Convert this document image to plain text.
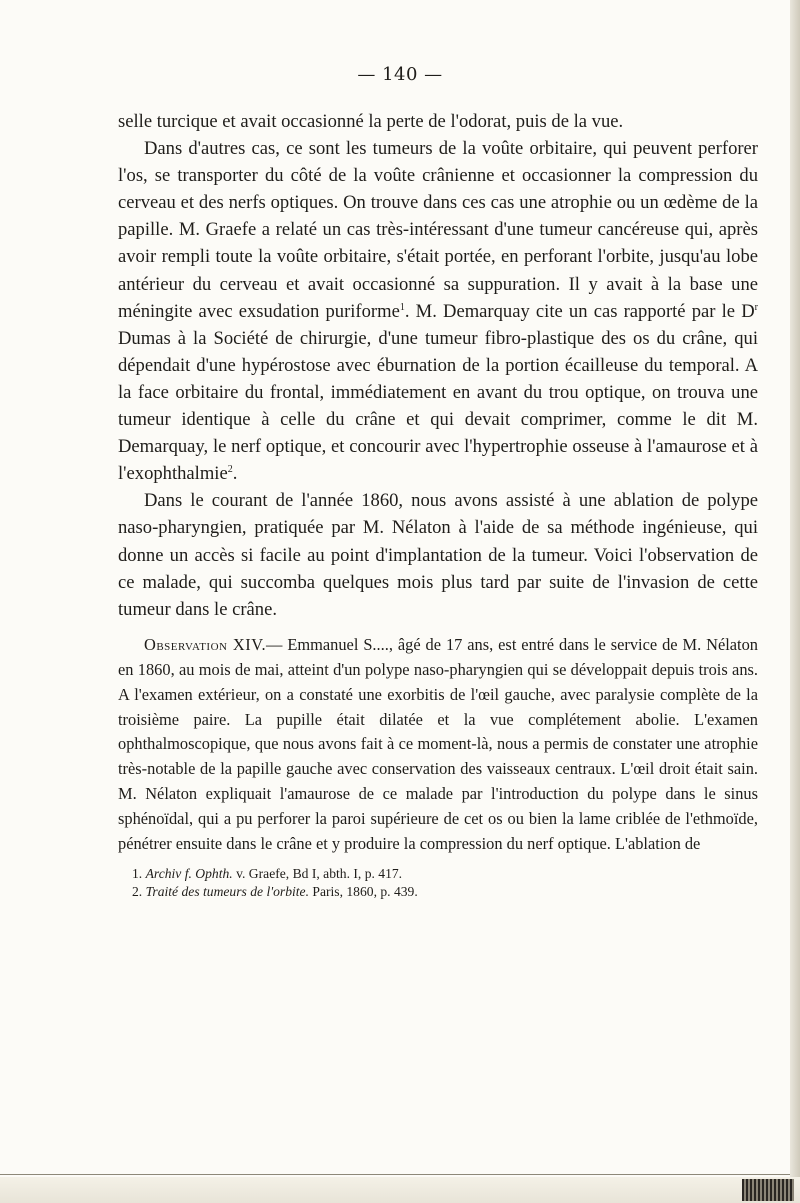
— 140 —

selle turcique et avait occasionné la perte de l'odorat, puis de la vue.

Dans d'autres cas, ce sont les tumeurs de la voûte orbitaire, qui peuvent perforer l'os, se transporter du côté de la voûte crânienne et occasionner la compression du cerveau et des nerfs optiques. On trouve dans ces cas une atrophie ou un œdème de la papille. M. Graefe a relaté un cas très-intéressant d'une tumeur cancéreuse qui, après avoir rempli toute la voûte orbitaire, s'était portée, en perforant l'orbite, jusqu'au lobe antérieur du cerveau et avait occasionné sa suppuration. Il y avait à la base une méningite avec exsudation puriforme$^1$. M. Demarquay cite un cas rapporté par le $D^r$ Dumas à la Société de chirurgie, d'une tumeur fibro-plastique des os du crâne, qui dépendait d'une hypérostose avec éburnation de la portion écailleuse du temporal. A la face orbitaire du frontal, immédiatement en avant du trou optique, on trouva une tumeur identique à celle du crâne et qui devait comprimer, comme le dit M. Demarquay, le nerf optique, et concourir avec l'hypertrophie osseuse à l'amaurose et à l'exophthalmie$^2$.

Dans le courant de l'année 1860, nous avons assisté à une ablation de polype naso-pharyngien, pratiquée par M. Nélaton à l'aide de sa méthode ingénieuse, qui donne un accès si facile au point d'implantation de la tumeur. Voici l'observation de ce malade, qui succomba quelques mois plus tard par suite de l'invasion de cette tumeur dans le crâne.

Observation XIV.— Emmanuel S...., âgé de 17 ans, est entré dans le service de M. Nélaton en 1860, au mois de mai, atteint d'un polype naso-pharyngien qui se développait depuis trois ans. A l'examen extérieur, on a constaté une exorbitis de l'œil gauche, avec paralysie complète de la troisième paire. La pupille était dilatée et la vue complétement abolie. L'examen ophthalmoscopique, que nous avons fait à ce moment-là, nous a permis de constater une atrophie très-notable de la papille gauche avec conservation des vaisseaux centraux. L'œil droit était sain. M. Nélaton expliquait l'amaurose de ce malade par l'introduction du polype dans le sinus sphénoïdal, qui a pu perforer la paroi supérieure de cet os ou bien la lame criblée de l'ethmoïde, pénétrer ensuite dans le crâne et y produire la compression du nerf optique. L'ablation de

1. Archiv f. Ophth. v. Graefe, Bd I, abth. I, p. 417.

2. Traité des tumeurs de l'orbite. Paris, 1860, p. 439.
